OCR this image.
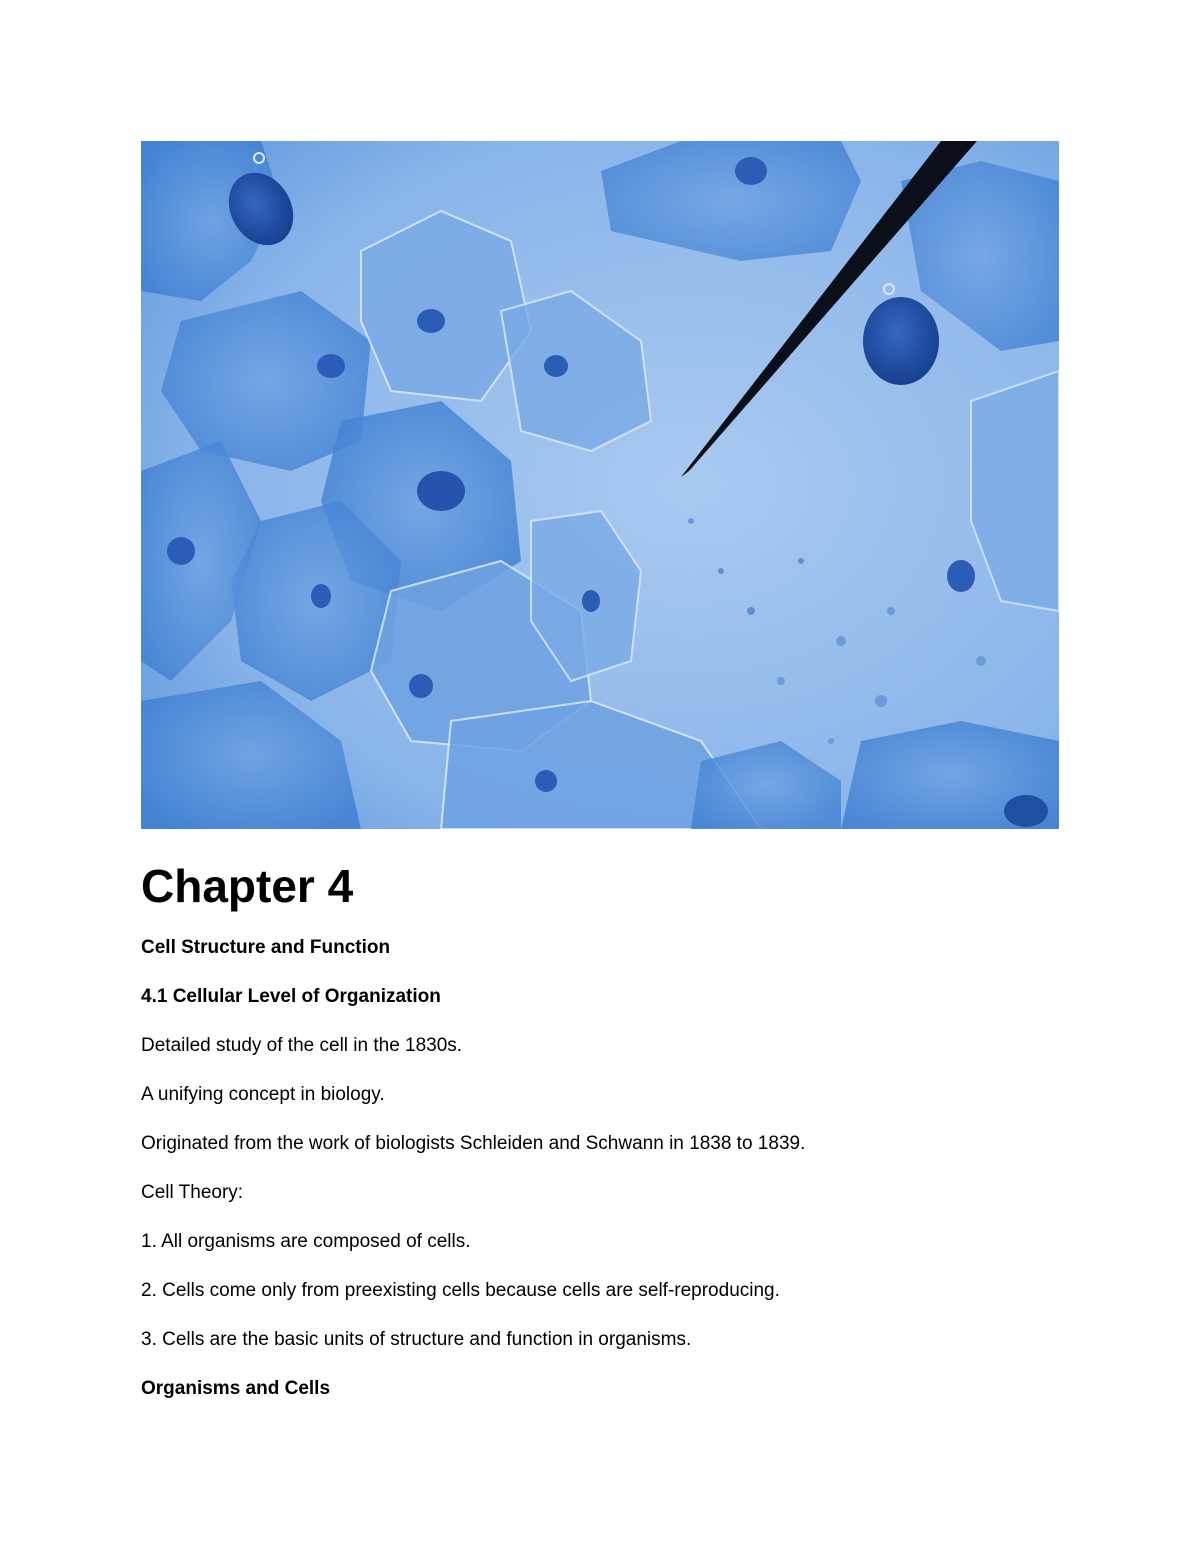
Chapter 4
Cell Structure and Function
4.1 Cellular Level of Organization
Detailed study of the cell in the 1830s.
A unifying concept in biology.
Originated from the work of biologists Schleiden and Schwann in 1838 to 1839.
Cell Theory:
1. All organisms are composed of cells.
2. Cells come only from preexisting cells because cells are self-reproducing.
3. Cells are the basic units of structure and function in organisms.
Organisms and Cells
